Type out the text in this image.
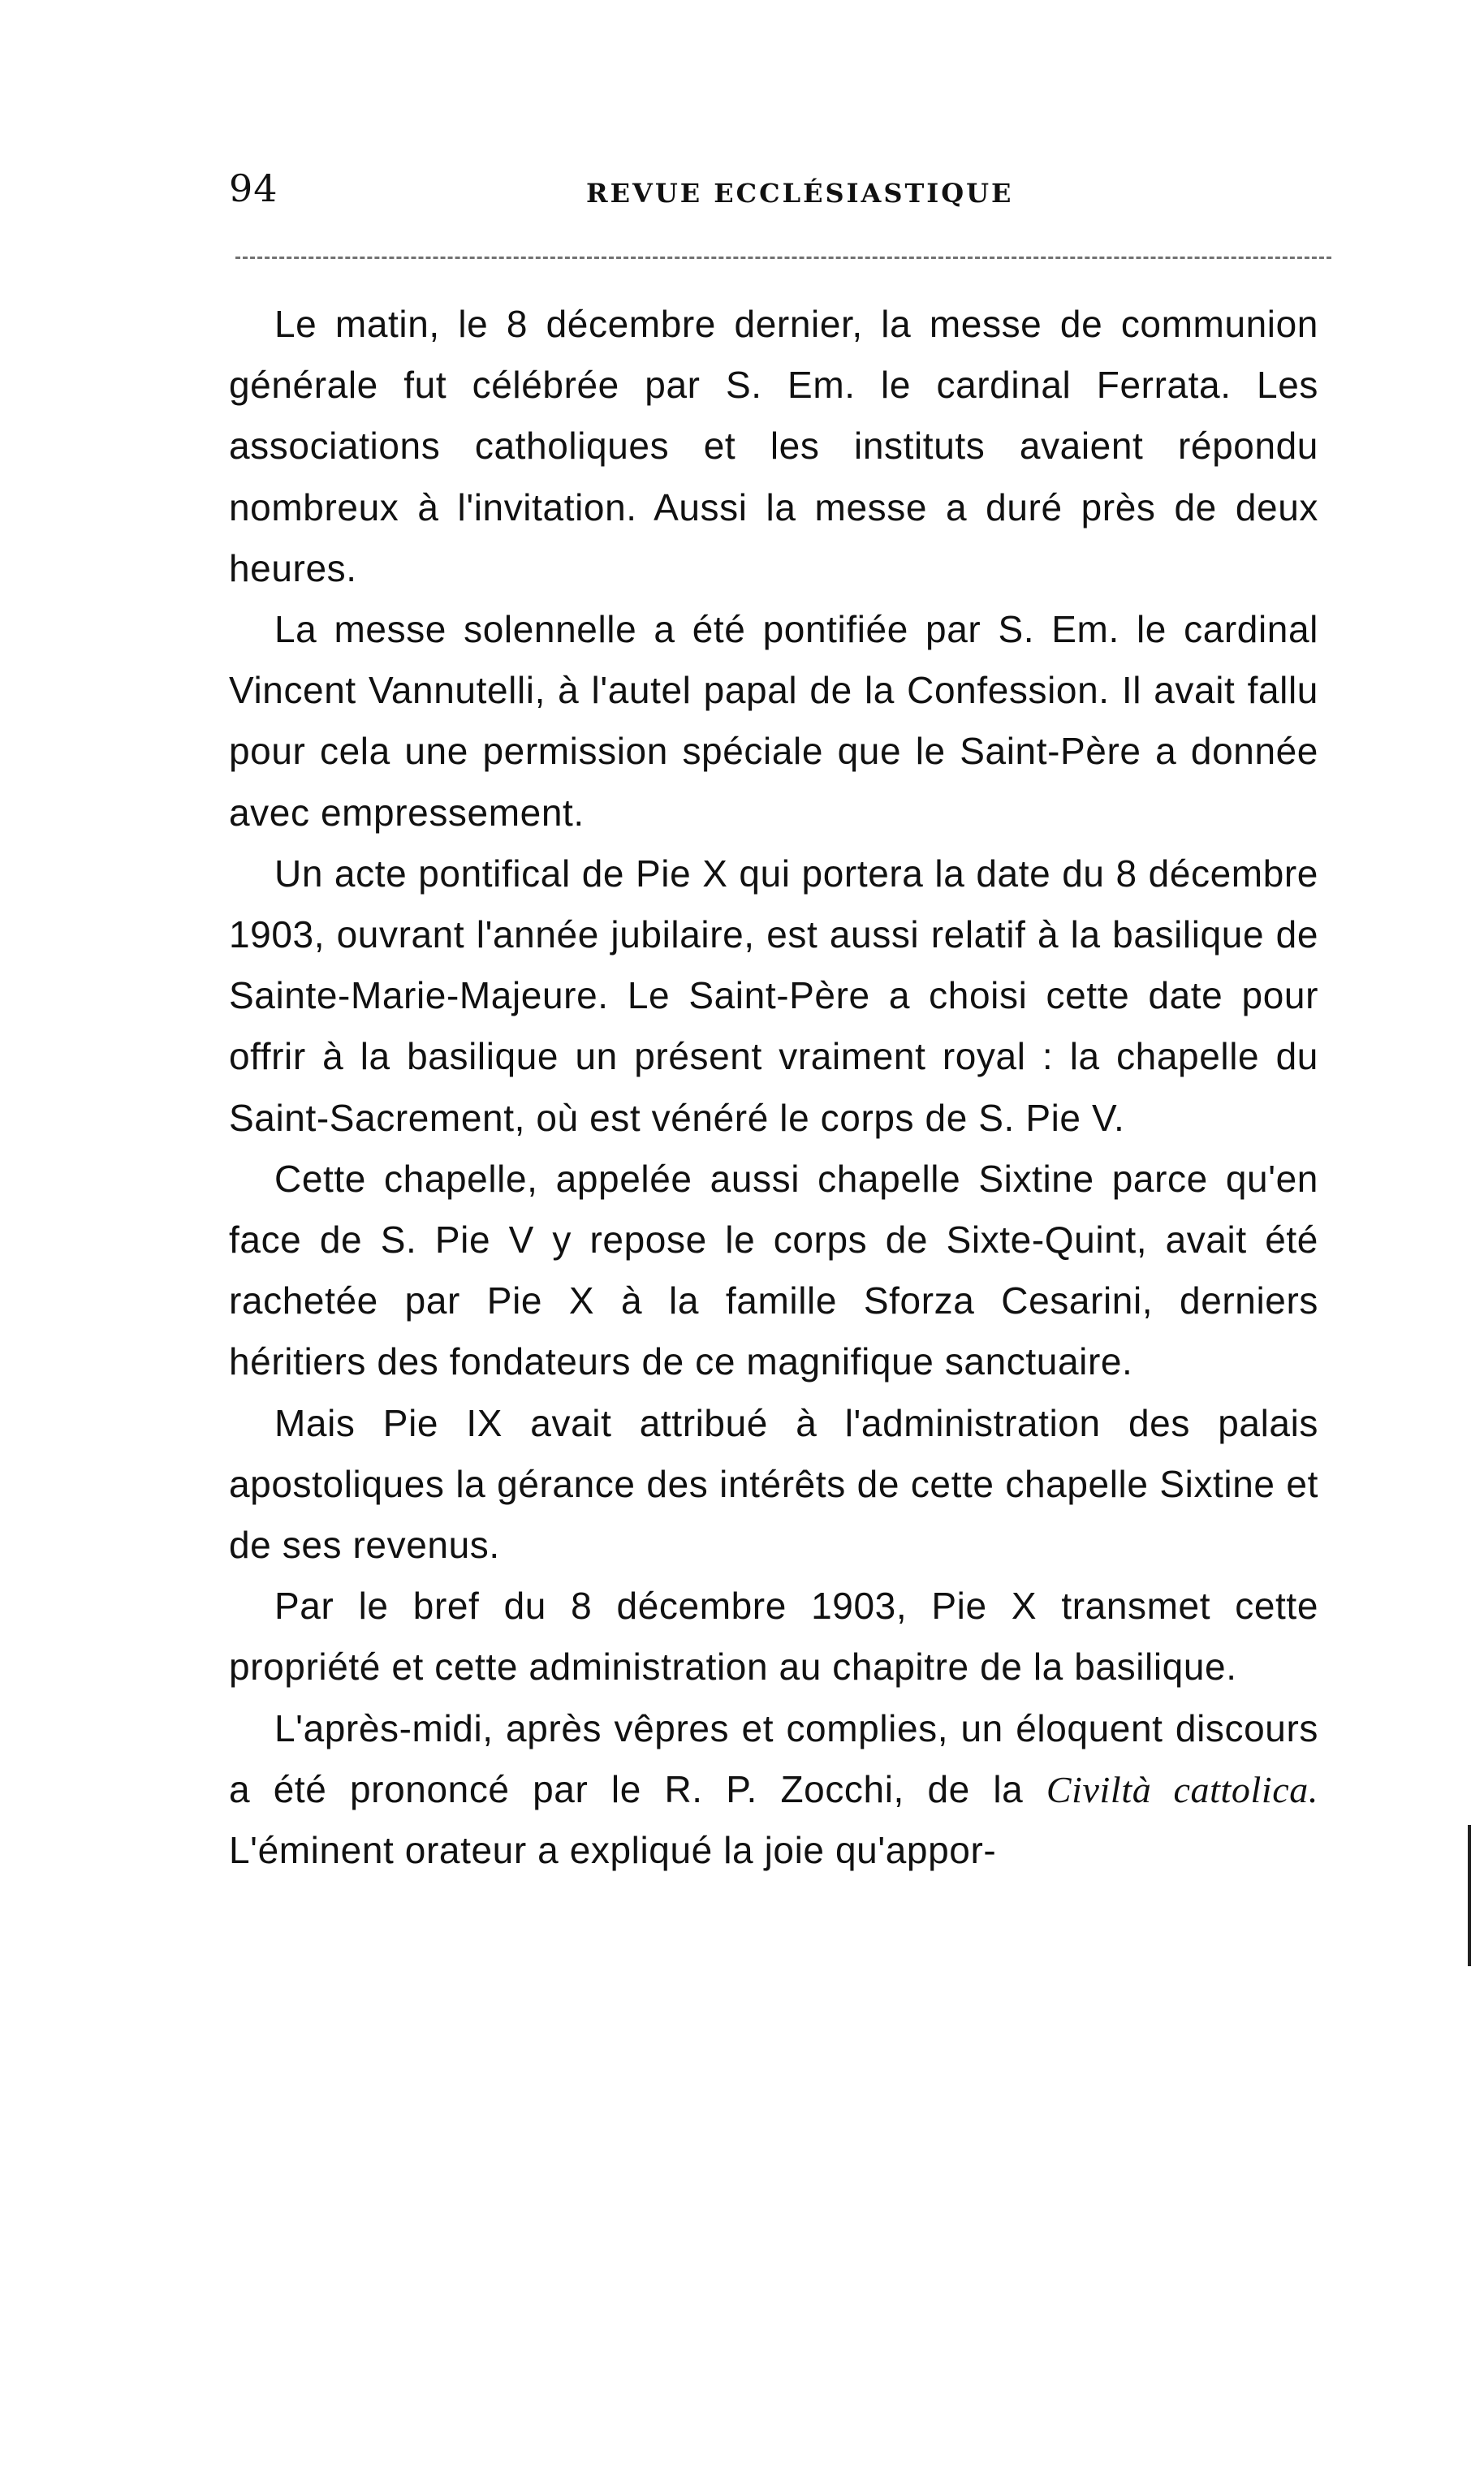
94	REVUE ECCLÉSIASTIQUE

Le matin, le 8 décembre dernier, la messe de communion générale fut célébrée par S. Em. le cardinal Ferrata. Les associations catholiques et les instituts avaient répondu nombreux à l'invitation. Aussi la messe a duré près de deux heures.

La messe solennelle a été pontifiée par S. Em. le cardinal Vincent Vannutelli, à l'autel papal de la Confession. Il avait fallu pour cela une permission spéciale que le Saint-Père a donnée avec empressement.

Un acte pontifical de Pie X qui portera la date du 8 décembre 1903, ouvrant l'année jubilaire, est aussi relatif à la basilique de Sainte-Marie-Majeure. Le Saint-Père a choisi cette date pour offrir à la basilique un présent vraiment royal : la chapelle du Saint-Sacrement, où est vénéré le corps de S. Pie V.

Cette chapelle, appelée aussi chapelle Sixtine parce qu'en face de S. Pie V y repose le corps de Sixte-Quint, avait été rachetée par Pie X à la famille Sforza Cesarini, derniers héritiers des fondateurs de ce magnifique sanctuaire.

Mais Pie IX avait attribué à l'administration des palais apostoliques la gérance des intérêts de cette chapelle Sixtine et de ses revenus.

Par le bref du 8 décembre 1903, Pie X transmet cette propriété et cette administration au chapitre de la basilique.

L'après-midi, après vêpres et complies, un éloquent discours a été prononcé par le R. P. Zocchi, de la Civiltà cattolica. L'éminent orateur a expliqué la joie qu'appor-
